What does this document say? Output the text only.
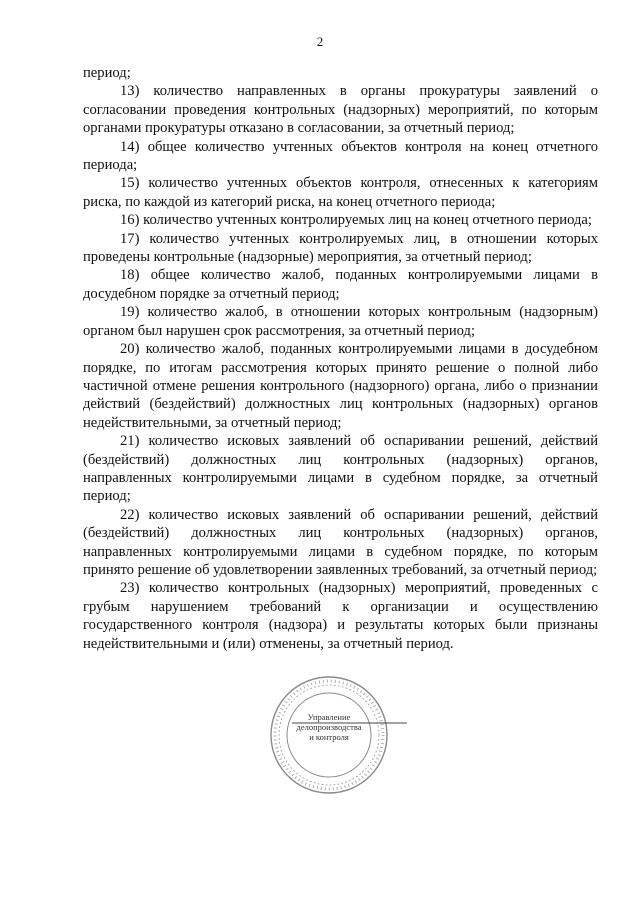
2

период;

13) количество направленных в органы прокуратуры заявлений о согласовании проведения контрольных (надзорных) мероприятий, по которым органами прокуратуры отказано в согласовании, за отчетный период;

14) общее количество учтенных объектов контроля на конец отчетного периода;

15) количество учтенных объектов контроля, отнесенных к категориям риска, по каждой из категорий риска, на конец отчетного периода;

16) количество учтенных контролируемых лиц на конец отчетного периода;

17) количество учтенных контролируемых лиц, в отношении которых проведены контрольные (надзорные) мероприятия, за отчетный период;

18) общее количество жалоб, поданных контролируемыми лицами в досудебном порядке за отчетный период;

19) количество жалоб, в отношении которых контрольным (надзорным) органом был нарушен срок рассмотрения, за отчетный период;

20) количество жалоб, поданных контролируемыми лицами в досудебном порядке, по итогам рассмотрения которых принято решение о полной либо частичной отмене решения контрольного (надзорного) органа, либо о признании действий (бездействий) должностных лиц контрольных (надзорных) органов недействительными, за отчетный период;

21) количество исковых заявлений об оспаривании решений, действий (бездействий) должностных лиц контрольных (надзорных) органов, направленных контролируемыми лицами в судебном порядке, за отчетный период;

22) количество исковых заявлений об оспаривании решений, действий (бездействий) должностных лиц контрольных (надзорных) органов, направленных контролируемыми лицами в судебном порядке, по которым принято решение об удовлетворении заявленных требований, за отчетный период;

23) количество контрольных (надзорных) мероприятий, проведенных с грубым нарушением требований к организации и осуществлению государственного контроля (надзора) и результаты которых были признаны недействительными и (или) отменены, за отчетный период.

Управление
делопроизводства
и контроля
